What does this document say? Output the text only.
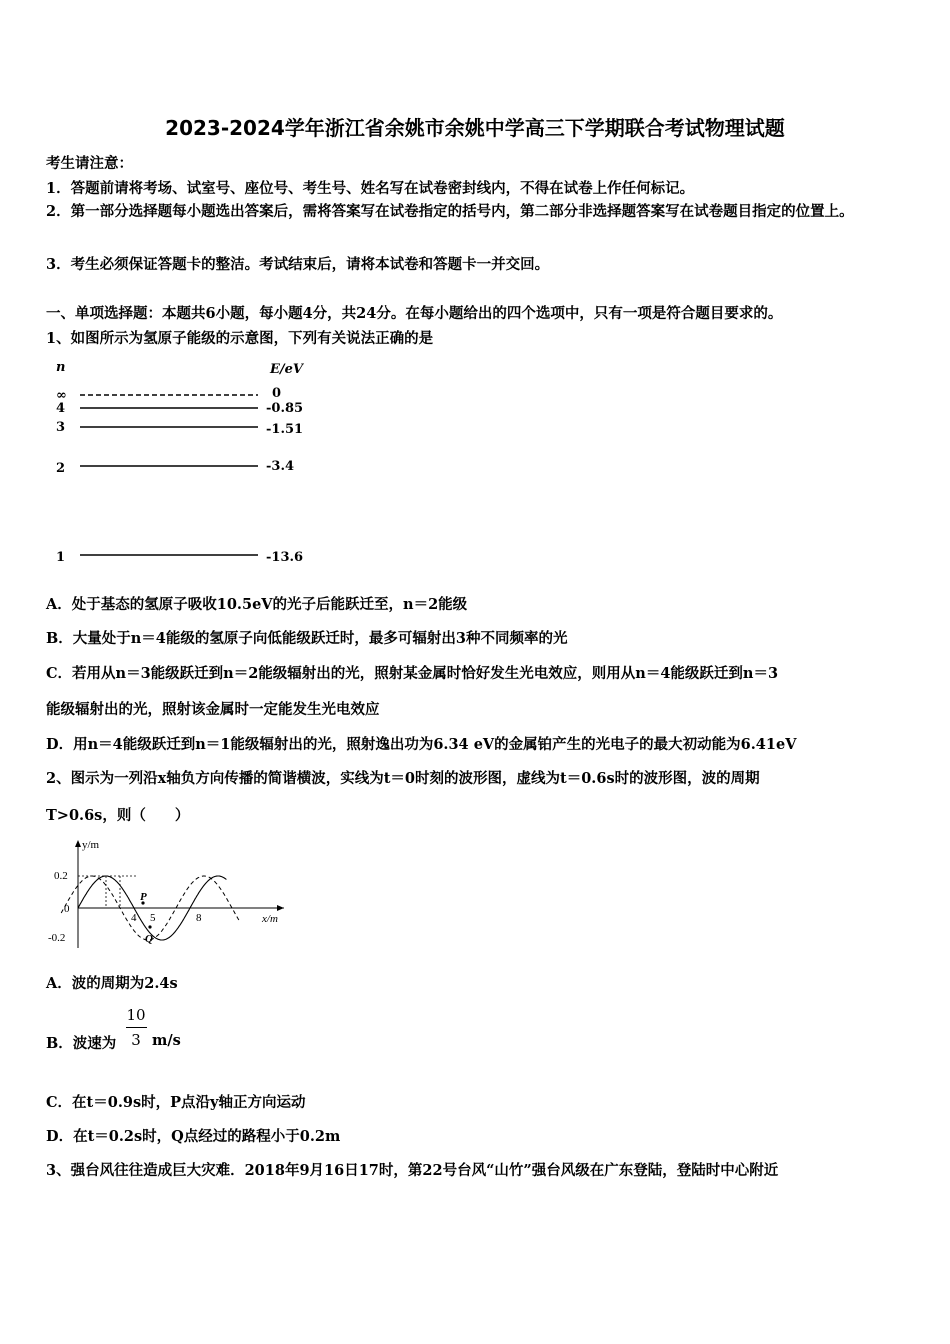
2023-2024学年浙江省余姚市余姚中学高三下学期联合考试物理试题
考生请注意：
1．答题前请将考场、试室号、座位号、考生号、姓名写在试卷密封线内，不得在试卷上作任何标记。
2．第一部分选择题每小题选出答案后，需将答案写在试卷指定的括号内，第二部分非选择题答案写在试卷题目指定的位置上。
3．考生必须保证答题卡的整洁。考试结束后，请将本试卷和答题卡一并交回。
一、单项选择题：本题共6小题，每小题4分，共24分。在每小题给出的四个选项中，只有一项是符合题目要求的。
1、如图所示为氢原子能级的示意图，下列有关说法正确的是
n	E/eV
∞
4
3
2
1
0
-0.85
-1.51
-3.4
-13.6
A．处于基态的氢原子吸收10.5eV的光子后能跃迁至，n＝2能级
B．大量处于n＝4能级的氢原子向低能级跃迁时，最多可辐射出3种不同频率的光
C．若用从n＝3能级跃迁到n＝2能级辐射出的光，照射某金属时恰好发生光电效应，则用从n＝4能级跃迁到n＝3
能级辐射出的光，照射该金属时一定能发生光电效应
D．用n＝4能级跃迁到n＝1能级辐射出的光，照射逸出功为6.34 eV的金属铂产生的光电子的最大初动能为6.41eV
2、图示为一列沿x轴负方向传播的简谐横波，实线为t＝0时刻的波形图，虚线为t＝0.6s时的波形图，波的周期
T>0.6s，则（　　）
y/m
x/m
0
0.2
-0.2
4 5	8
P
Q
A．波的周期为2.4s
B．波速为
10
3 m/s
C．在t＝0.9s时，P点沿y轴正方向运动
D．在t＝0.2s时，Q点经过的路程小于0.2m
3、强台风往往造成巨大灾难．2018年9月16日17时，第22号台风“山竹”强台风级在广东登陆，登陆时中心附近
